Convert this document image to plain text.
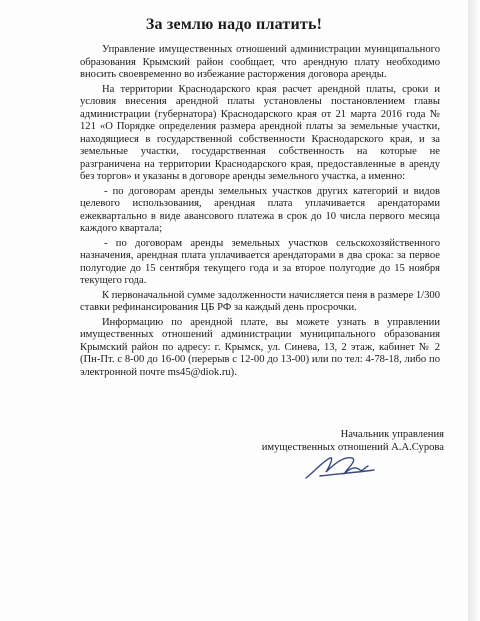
За землю надо платить!

Управление имущественных отношений администрации муниципального образования Крымский район сообщает, что арендную плату необходимо вносить своевременно во избежание расторжения договора аренды.

На территории Краснодарского края расчет арендной платы, сроки и условия внесения арендной платы установлены постановлением главы администрации (губернатора) Краснодарского края от 21 марта 2016 года № 121 «О Порядке определения размера арендной платы за земельные участки, находящиеся в государственной собственности Краснодарского края, и за земельные участки, государственная собственность на которые не разграничена на территории Краснодарского края, предоставленные в аренду без торгов» и указаны в договоре аренды земельного участка, а именно:

- по договорам аренды земельных участков других категорий и видов целевого использования, арендная плата уплачивается арендаторами ежеквартально в виде авансового платежа в срок до 10 числа первого месяца каждого квартала;

- по договорам аренды земельных участков сельскохозяйственного назначения, арендная плата уплачивается арендаторами в два срока: за первое полугодие до 15 сентября текущего года и за второе полугодие до 15 ноября текущего года.

К первоначальной сумме задолженности начисляется пеня в размере 1/300 ставки рефинансирования ЦБ РФ за каждый день просрочки.

Информацию по арендной плате, вы можете узнать в управлении имущественных отношений администрации муниципального образования Крымский район по адресу: г. Крымск, ул. Синева, 13, 2 этаж, кабинет № 2 (Пн-Пт. с 8-00 до 16-00 (перерыв с 12-00 до 13-00) или по тел: 4-78-18, либо по электронной почте ms45@diok.ru).

Начальник управления
имущественных отношений А.А.Сурова
